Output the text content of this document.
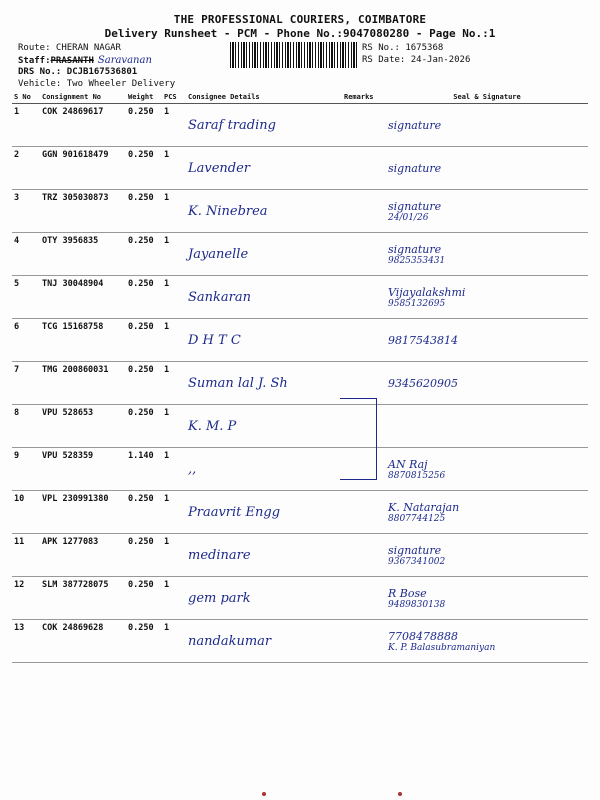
THE PROFESSIONAL COURIERS, COIMBATORE
Delivery Runsheet - PCM - Phone No.:9047080280 - Page No.:1
Route: CHERAN NAGAR
Staff:PRASANTH Saravanan
DRS No.: DCJB167536801
Vehicle: Two Wheeler Delivery
RS No.: 1675368
RS Date: 24-Jan-2026
S No	Consignment No	Weight	PCS	Consignee Details	Remarks	Seal & Signature
1	COK 24869617	0.250	1	Saraf trading		signature

2	GGN 901618479	0.250	1	Lavender		signature

3	TRZ 305030873	0.250	1	K. Ninebrea		signature
24/01/26

4	OTY 3956835	0.250	1	Jayanelle		signature
9825353431

5	TNJ 30048904	0.250	1	Sankaran		Vijayalakshmi
9585132695

6	TCG 15168758	0.250	1	D H T C		9817543814

7	TMG 200860031	0.250	1	Suman lal J. Sh		9345620905

8	VPU 528653	0.250	1	K. M. P		

9	VPU 528359	1.140	1	,,		AN Raj
8870815256

10	VPL 230991380	0.250	1	Praavrit Engg		K. Natarajan
8807744125

11	APK 1277083	0.250	1	medinare		signature
9367341002

12	SLM 387728075	0.250	1	gem park		R Bose
9489830138

13	COK 24869628	0.250	1	nandakumar		7708478888
K. P. Balasubramaniyan
